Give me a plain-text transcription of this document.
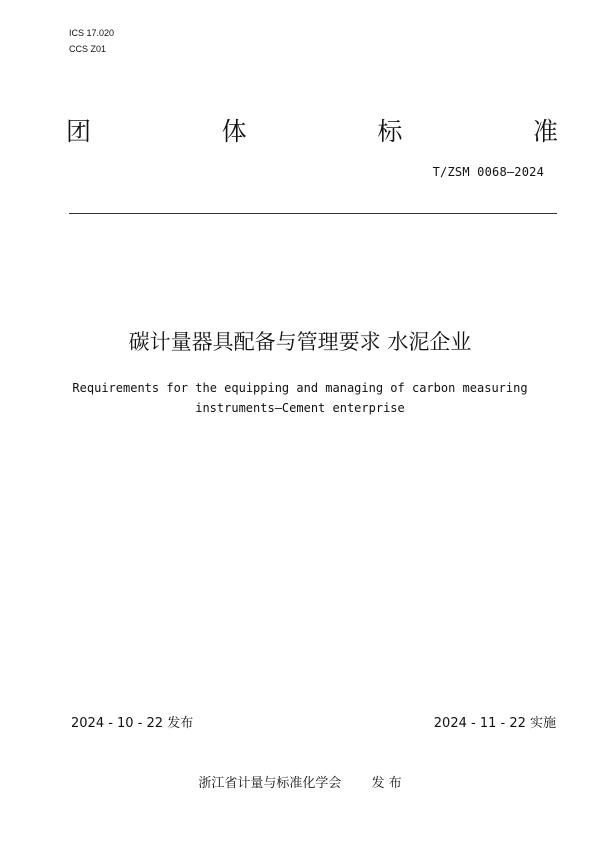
ICS 17.020
CCS Z01
团	体	标	准
T/ZSM 0068—2024
碳计量器具配备与管理要求 水泥企业
Requirements for the equipping and managing of carbon measuring
instruments—Cement enterprise
2024 - 10 - 22 发布	2024 - 11 - 22 实施
浙江省计量与标准化学会 发 布
